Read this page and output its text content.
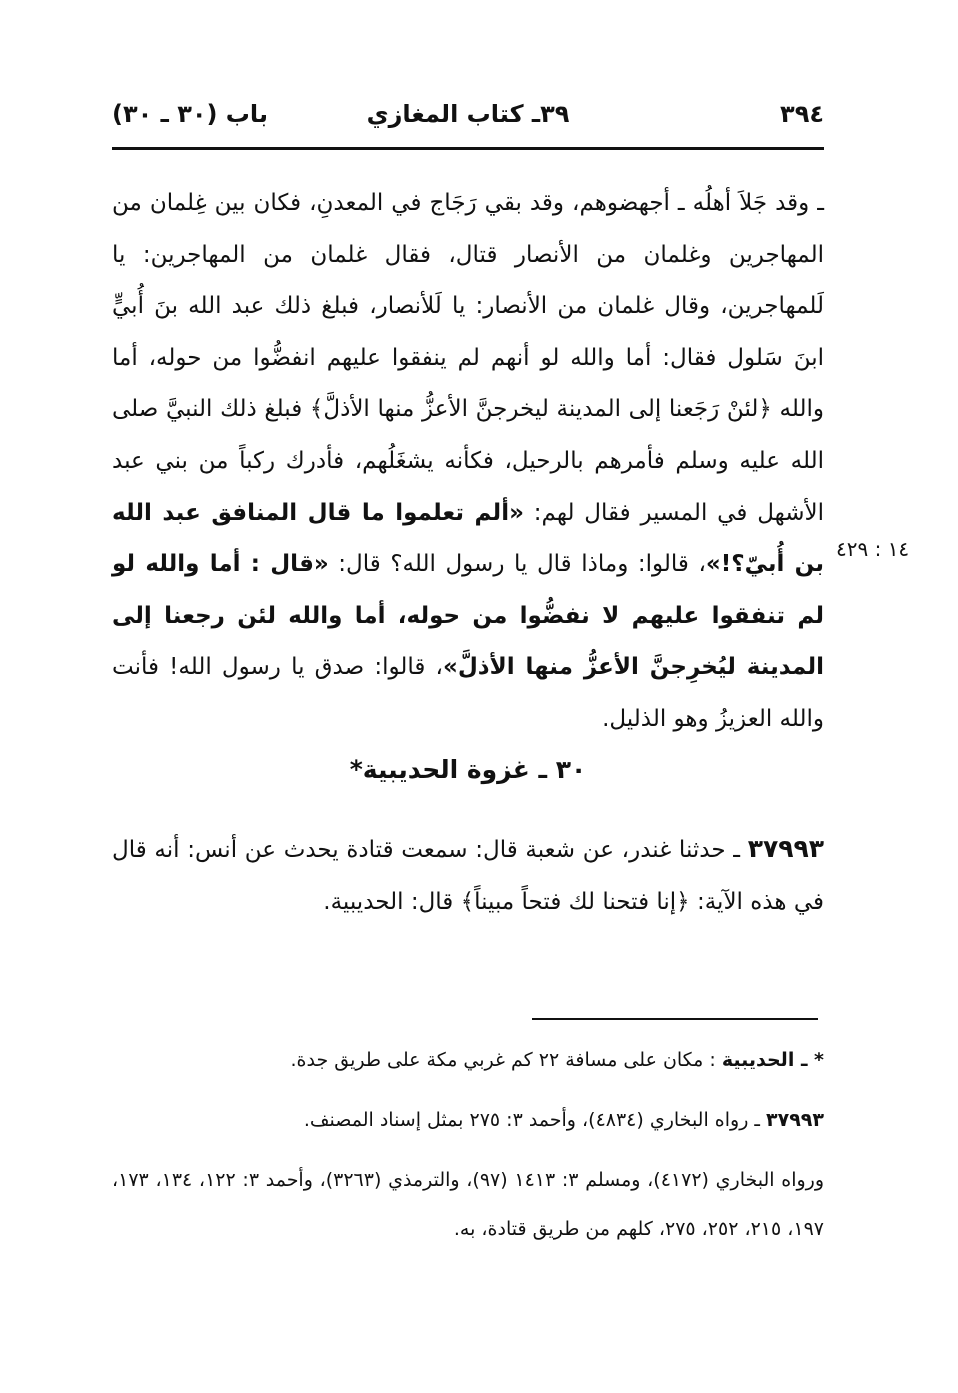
٣٩٤
٣٩ـ كتاب المغازي
باب (٣٠ ـ ٣٠)
ـ وقد جَلاَ أهلُه ـ أجهضوهم، وقد بقي رَجَاج في المعدنِ، فكان بين غِلمان من المهاجرين وغلمان من الأنصار قتال، فقال غلمان من المهاجرين: يا لَلمهاجرين، وقال غلمان من الأنصار: يا لَلأنصار، فبلغ ذلك عبد الله بنَ أُبيٍّ ابنَ سَلول فقال: أما والله لو أنهم لم ينفقوا عليهم انفضُّوا من حوله، أما والله ﴿لئنْ رَجَعنا إلى المدينة ليخرجنَّ الأعزُّ منها الأذلَّ﴾ فبلغ ذلك النبيَّ صلى الله عليه وسلم فأمرهم بالرحيل، فكأنه يشغَلُهم، فأدرك ركباً من بني عبد الأشهل في المسير فقال لهم: «ألم تعلموا ما قال المنافق عبد الله بن أُبيّ؟!»، قالوا: وماذا قال يا رسول الله؟ قال: «قال : أما والله لو لم تنفقوا عليهم لا نفضُّوا من حوله، أما والله لئن رجعنا إلى المدينة ليُخرِجنَّ الأعزُّ منها الأذلَّ»، قالوا: صدق يا رسول الله! فأنت والله العزيزُ وهو الذليل.
١٤ : ٤٢٩
٣٠ ـ غزوة الحديبية*
٣٧٩٩٣ ـ حدثنا غندر، عن شعبة قال: سمعت قتادة يحدث عن أنس: أنه قال في هذه الآية: ﴿إنا فتحنا لك فتحاً مبيناً﴾ قال: الحديبية.
* ـ الحديبية : مكان على مسافة ٢٢ كم غربي مكة على طريق جدة.
٣٧٩٩٣ ـ رواه البخاري (٤٨٣٤)، وأحمد ٣: ٢٧٥ بمثل إسناد المصنف.
ورواه البخاري (٤١٧٢)، ومسلم ٣: ١٤١٣ (٩٧)، والترمذي (٣٢٦٣)، وأحمد ٣: ١٢٢، ١٣٤، ١٧٣، ١٩٧، ٢١٥، ٢٥٢، ٢٧٥، كلهم من طريق قتادة، به.
